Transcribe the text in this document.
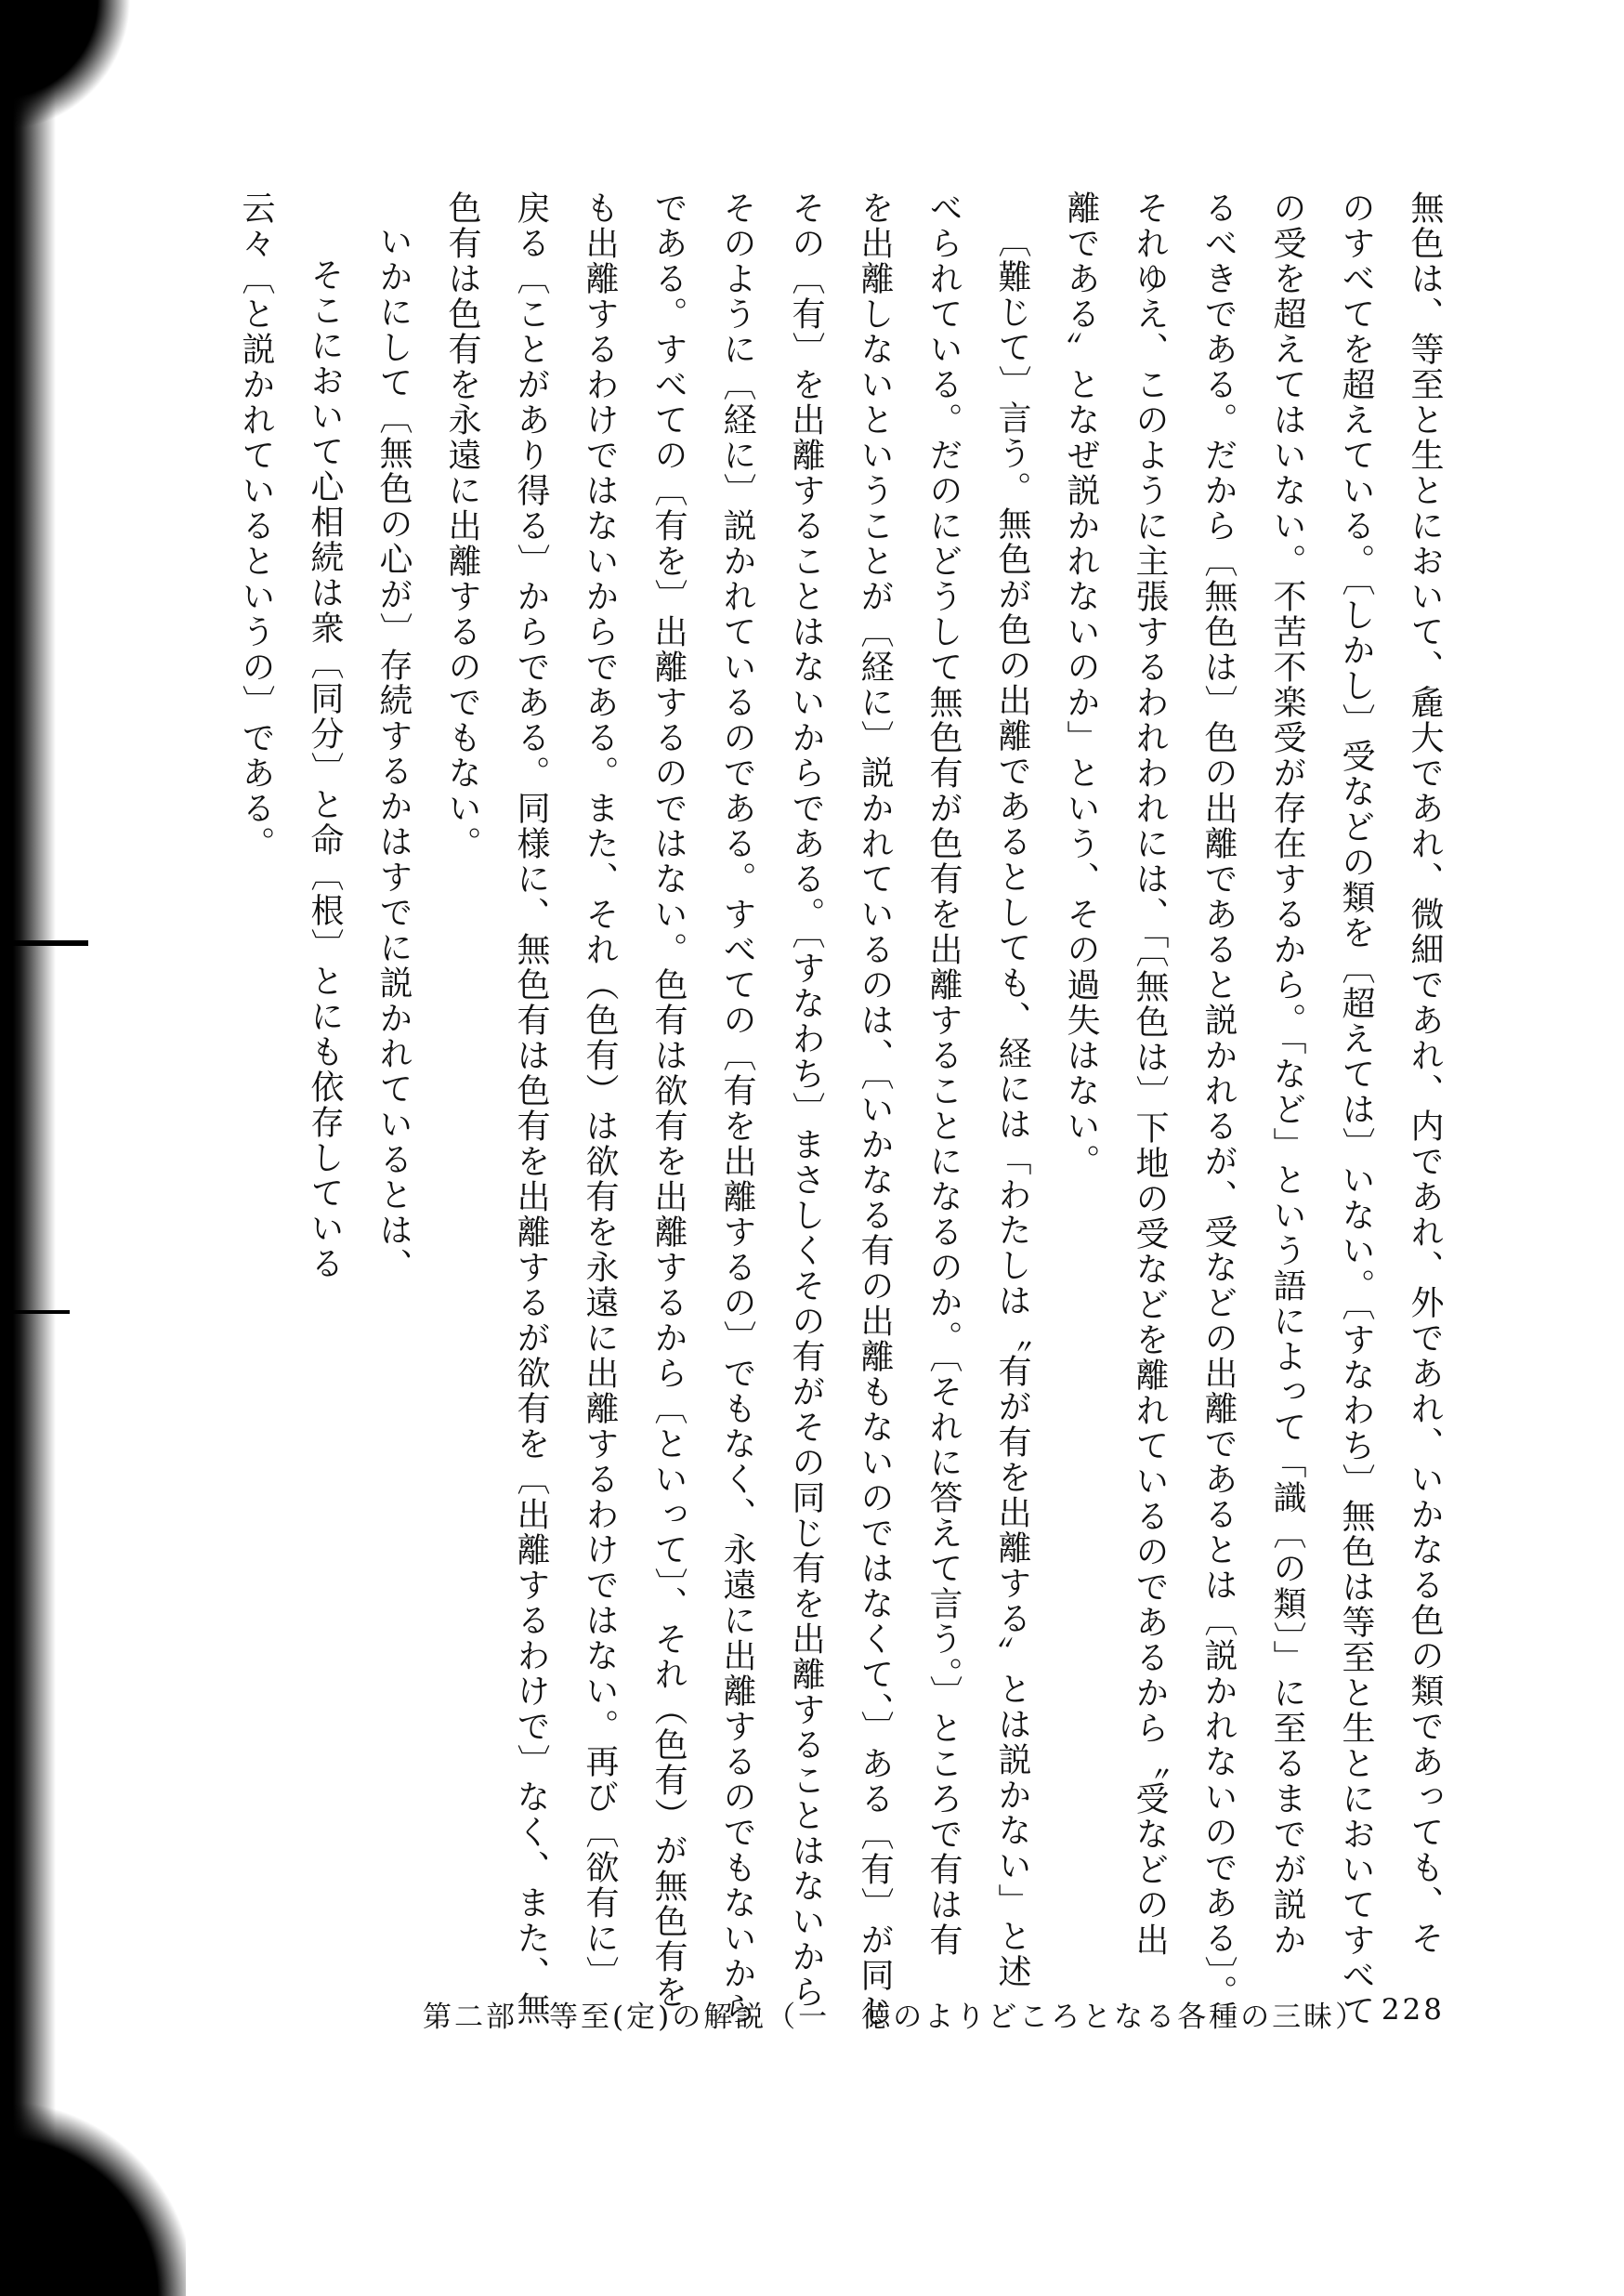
無色は、等至と生とにおいて、麁大であれ、微細であれ、内であれ、外であれ、いかなる色の類であっても、そ

のすべてを超えている。〔しかし〕受などの類を〔超えては〕いない。〔すなわち〕無色は等至と生とにおいてすべて

の受を超えてはいない。不苦不楽受が存在するから。「など」という語によって「識〔の類〕」に至るまでが説か

るべきである。だから〔無色は〕色の出離であると説かれるが、受などの出離であるとは〔説かれないのである〕。

それゆえ、このように主張するわれわれには、「〔無色は〕下地の受などを離れているのであるから〝受などの出

離である〟となぜ説かれないのか」という、その過失はない。

〔難じて〕言う。無色が色の出離であるとしても、経には「わたしは〝有が有を出離する〟とは説かない」と述

べられている。だのにどうして無色有が色有を出離することになるのか。〔それに答えて言う。〕ところで有は有

を出離しないということが〔経に〕説かれているのは、〔いかなる有の出離もないのではなくて、〕ある〔有〕が同じ

その〔有〕を出離することはないからである。〔すなわち〕まさしくその有がその同じ有を出離することはないから

そのように〔経に〕説かれているのである。すべての〔有を出離するの〕でもなく、永遠に出離するのでもないから

である。すべての〔有を〕出離するのではない。色有は欲有を出離するから〔といって〕、それ（色有）が無色有を

も出離するわけではないからである。また、それ（色有）は欲有を永遠に出離するわけではない。再び〔欲有に〕

戻る〔ことがあり得る〕からである。同様に、無色有は色有を出離するが欲有を〔出離するわけで〕なく、また、無

色有は色有を永遠に出離するのでもない。

いかにして〔無色の心が〕存続するかはすでに説かれているとは、

そこにおいて心相続は衆〔同分〕と命〔根〕とにも依存している

云々〔と説かれているというの〕である。

第二部　等至(定)の解説（一　徳のよりどころとなる各種の三昧） 228
